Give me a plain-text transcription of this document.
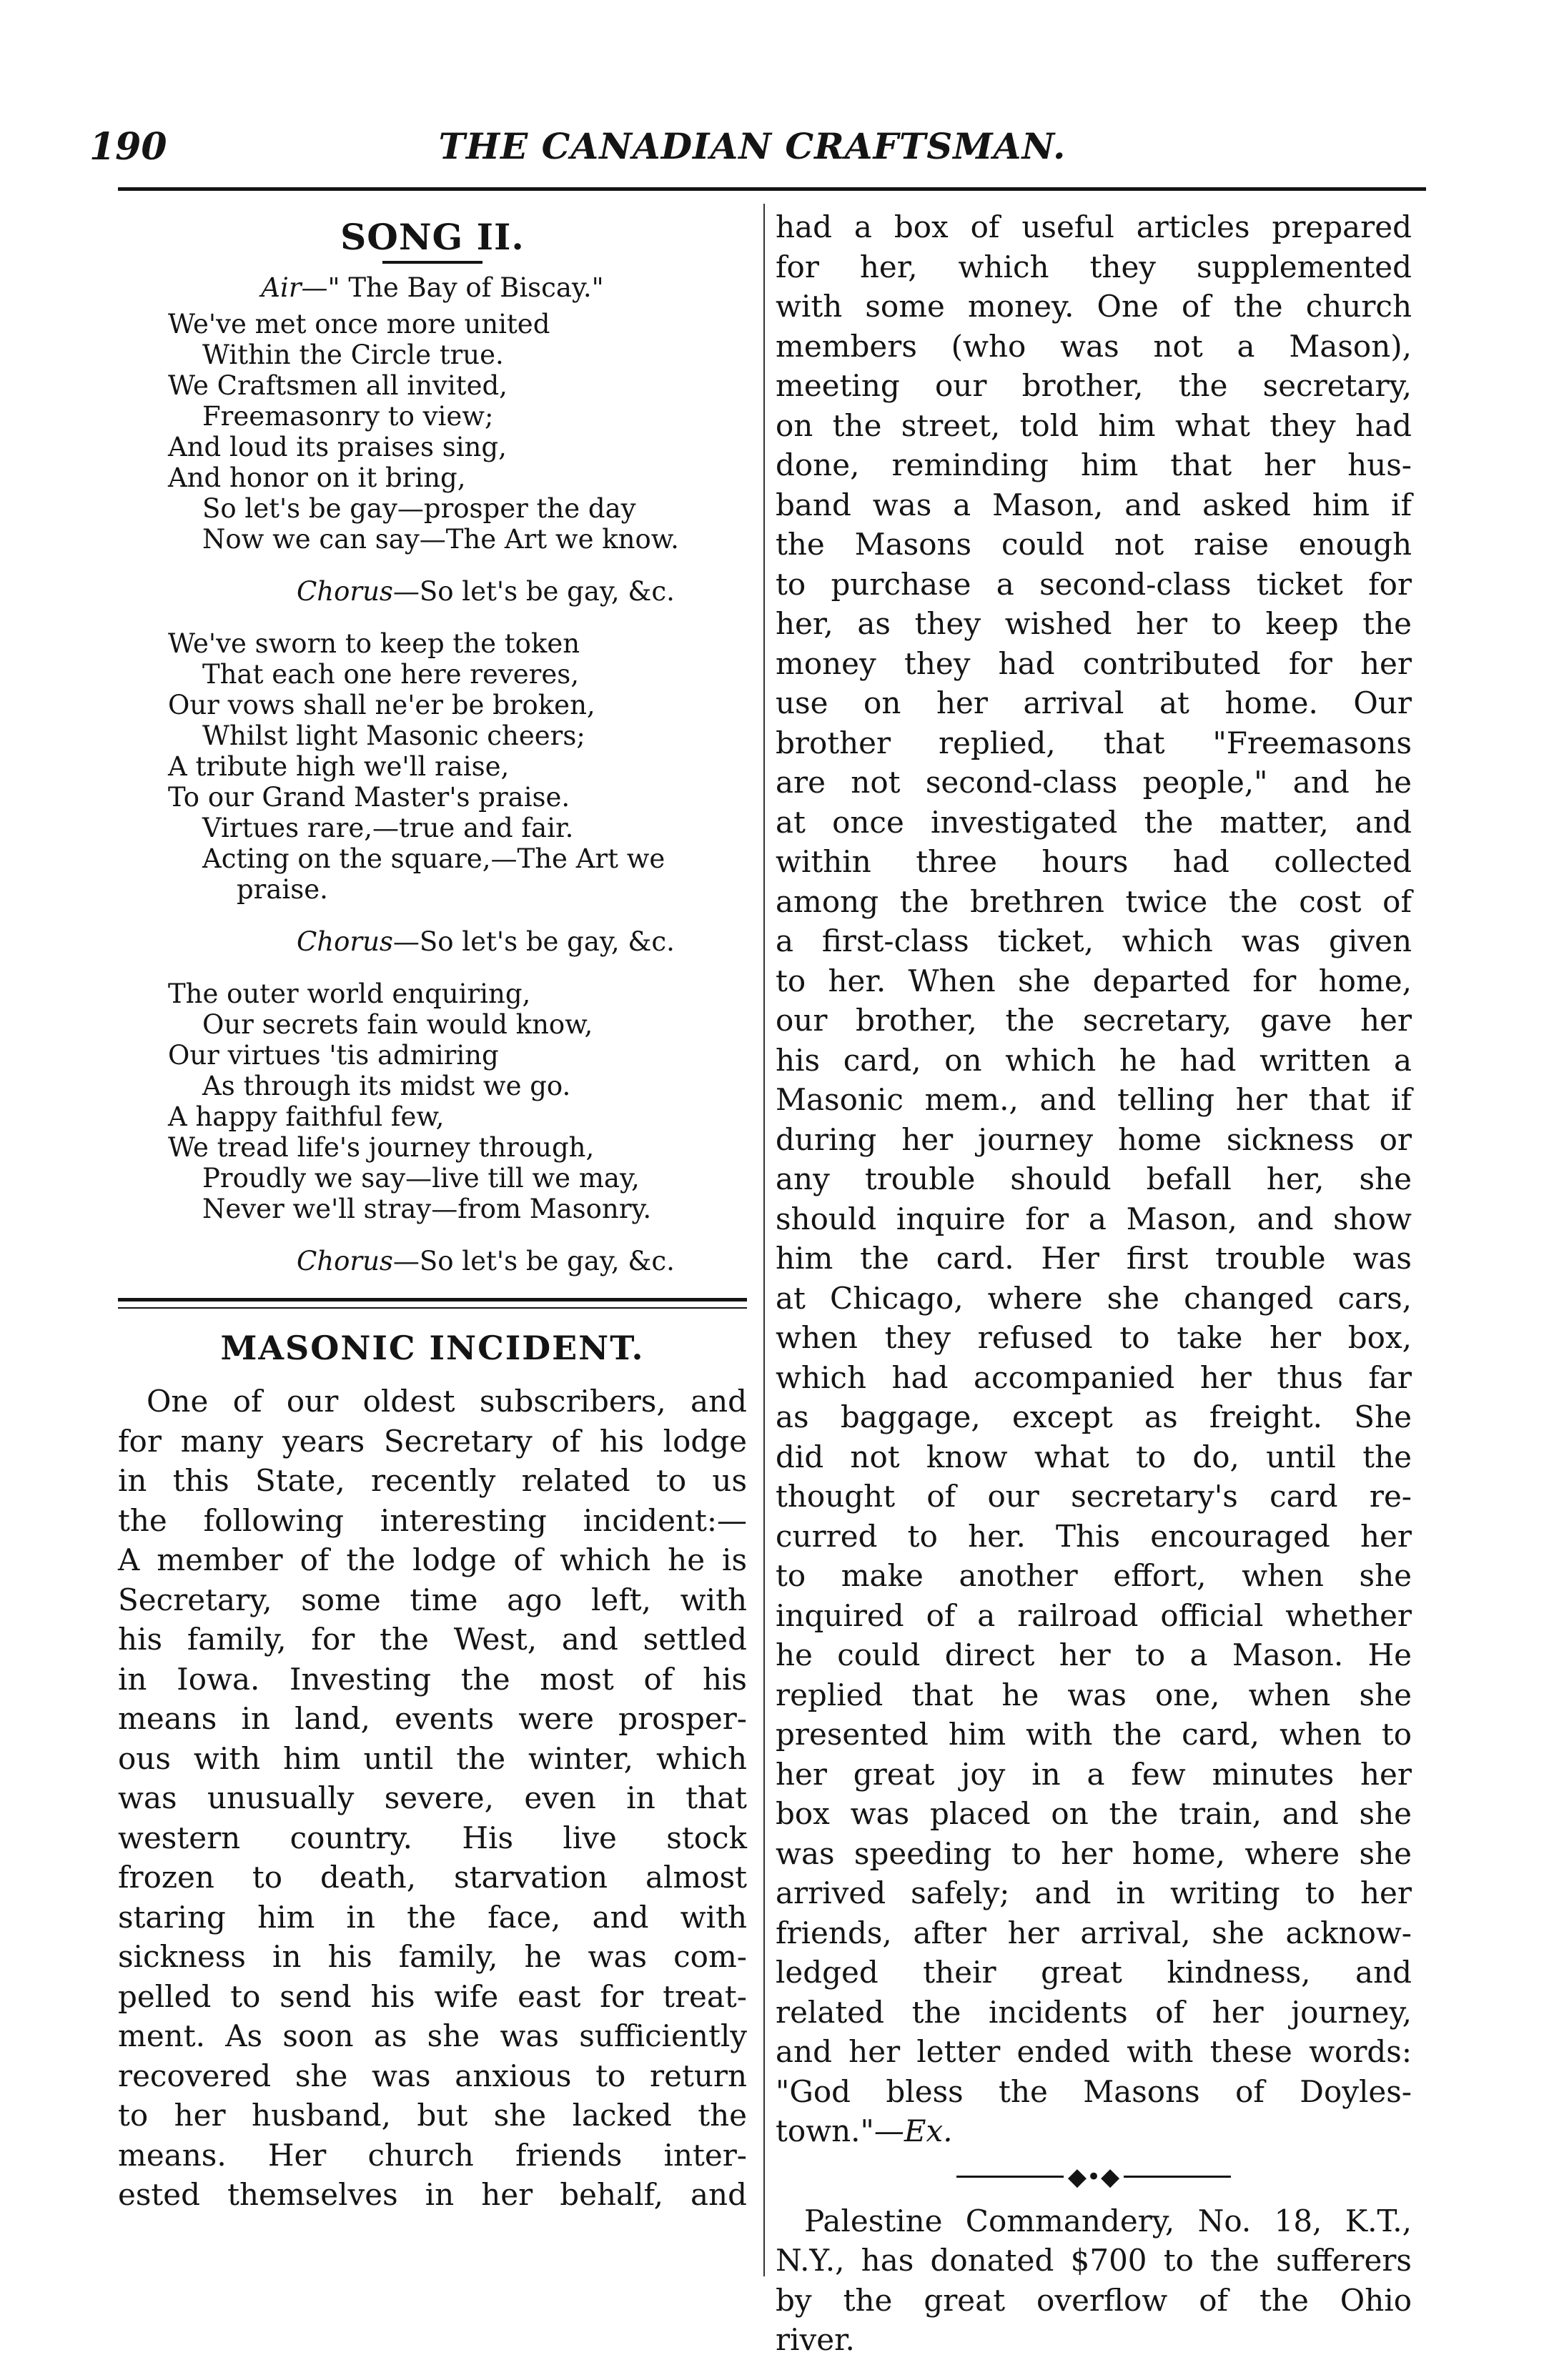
190	THE CANADIAN CRAFTSMAN.
SONG II.
Air—" The Bay of Biscay."
We've met once more united
Within the Circle true.
We Craftsmen all invited,
Freemasonry to view;
And loud its praises sing,
And honor on it bring,
So let's be gay—prosper the day
Now we can say—The Art we know.
Chorus—So let's be gay, &c.
We've sworn to keep the token
That each one here reveres,
Our vows shall ne'er be broken,
Whilst light Masonic cheers;
A tribute high we'll raise,
To our Grand Master's praise.
Virtues rare,—true and fair.
Acting on the square,—The Art we
praise.
Chorus—So let's be gay, &c.
The outer world enquiring,
Our secrets fain would know,
Our virtues 'tis admiring
As through its midst we go.
A happy faithful few,
We tread life's journey through,
Proudly we say—live till we may,
Never we'll stray—from Masonry.
Chorus—So let's be gay, &c.
MASONIC INCIDENT.
One of our oldest subscribers, and
for many years Secretary of his lodge
in this State, recently related to us
the following interesting incident:—
A member of the lodge of which he is
Secretary, some time ago left, with
his family, for the West, and settled
in Iowa. Investing the most of his
means in land, events were prosper-
ous with him until the winter, which
was unusually severe, even in that
western country. His live stock
frozen to death, starvation almost
staring him in the face, and with
sickness in his family, he was com-
pelled to send his wife east for treat-
ment. As soon as she was sufficiently
recovered she was anxious to return
to her husband, but she lacked the
means. Her church friends inter-
ested themselves in her behalf, and
had a box of useful articles prepared
for her, which they supplemented
with some money. One of the church
members (who was not a Mason),
meeting our brother, the secretary,
on the street, told him what they had
done, reminding him that her hus-
band was a Mason, and asked him if
the Masons could not raise enough
to purchase a second-class ticket for
her, as they wished her to keep the
money they had contributed for her
use on her arrival at home. Our
brother replied, that "Freemasons
are not second-class people," and he
at once investigated the matter, and
within three hours had collected
among the brethren twice the cost of
a first-class ticket, which was given
to her. When she departed for home,
our brother, the secretary, gave her
his card, on which he had written a
Masonic mem., and telling her that if
during her journey home sickness or
any trouble should befall her, she
should inquire for a Mason, and show
him the card. Her first trouble was
at Chicago, where she changed cars,
when they refused to take her box,
which had accompanied her thus far
as baggage, except as freight. She
did not know what to do, until the
thought of our secretary's card re-
curred to her. This encouraged her
to make another effort, when she
inquired of a railroad official whether
he could direct her to a Mason. He
replied that he was one, when she
presented him with the card, when to
her great joy in a few minutes her
box was placed on the train, and she
was speeding to her home, where she
arrived safely; and in writing to her
friends, after her arrival, she acknow-
ledged their great kindness, and
related the incidents of her journey,
and her letter ended with these words:
"God bless the Masons of Doyles-
town."—Ex.
◆•◆
Palestine Commandery, No. 18, K.T.,
N.Y., has donated $700 to the sufferers
by the great overflow of the Ohio
river.
